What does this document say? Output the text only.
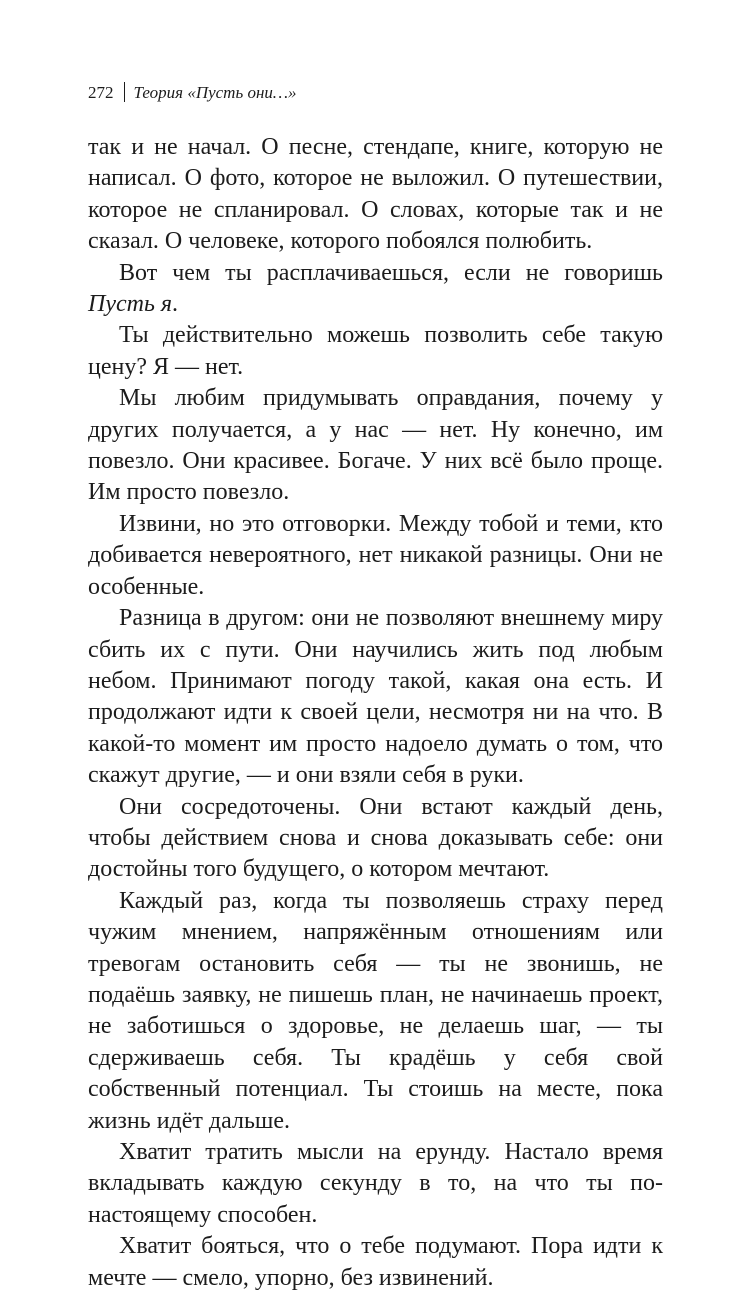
272 Теория «Пусть они…»

так и не начал. О песне, стендапе, книге, которую не написал. О фото, которое не выложил. О путешествии, которое не спланировал. О словах, которые так и не сказал. О человеке, которого побоялся полюбить.

Вот чем ты расплачиваешься, если не говоришь Пусть я.

Ты действительно можешь позволить себе такую цену? Я — нет.

Мы любим придумывать оправдания, почему у других получается, а у нас — нет. Ну конечно, им повезло. Они красивее. Богаче. У них всё было проще. Им просто повезло.

Извини, но это отговорки. Между тобой и теми, кто добивается невероятного, нет никакой разницы. Они не особенные.

Разница в другом: они не позволяют внешнему миру сбить их с пути. Они научились жить под любым небом. Принимают погоду такой, какая она есть. И продолжают идти к своей цели, несмотря ни на что. В какой-то момент им просто надоело думать о том, что скажут другие, — и они взяли себя в руки.

Они сосредоточены. Они встают каждый день, чтобы действием снова и снова доказывать себе: они достойны того будущего, о котором мечтают.

Каждый раз, когда ты позволяешь страху перед чужим мнением, напряжённым отношениям или тревогам остановить себя — ты не звонишь, не подаёшь заявку, не пишешь план, не начинаешь проект, не заботишься о здоровье, не делаешь шаг, — ты сдерживаешь себя. Ты крадёшь у себя свой собственный потенциал. Ты стоишь на месте, пока жизнь идёт дальше.

Хватит тратить мысли на ерунду. Настало время вкладывать каждую секунду в то, на что ты по-настоящему способен.

Хватит бояться, что о тебе подумают. Пора идти к мечте — смело, упорно, без извинений.
